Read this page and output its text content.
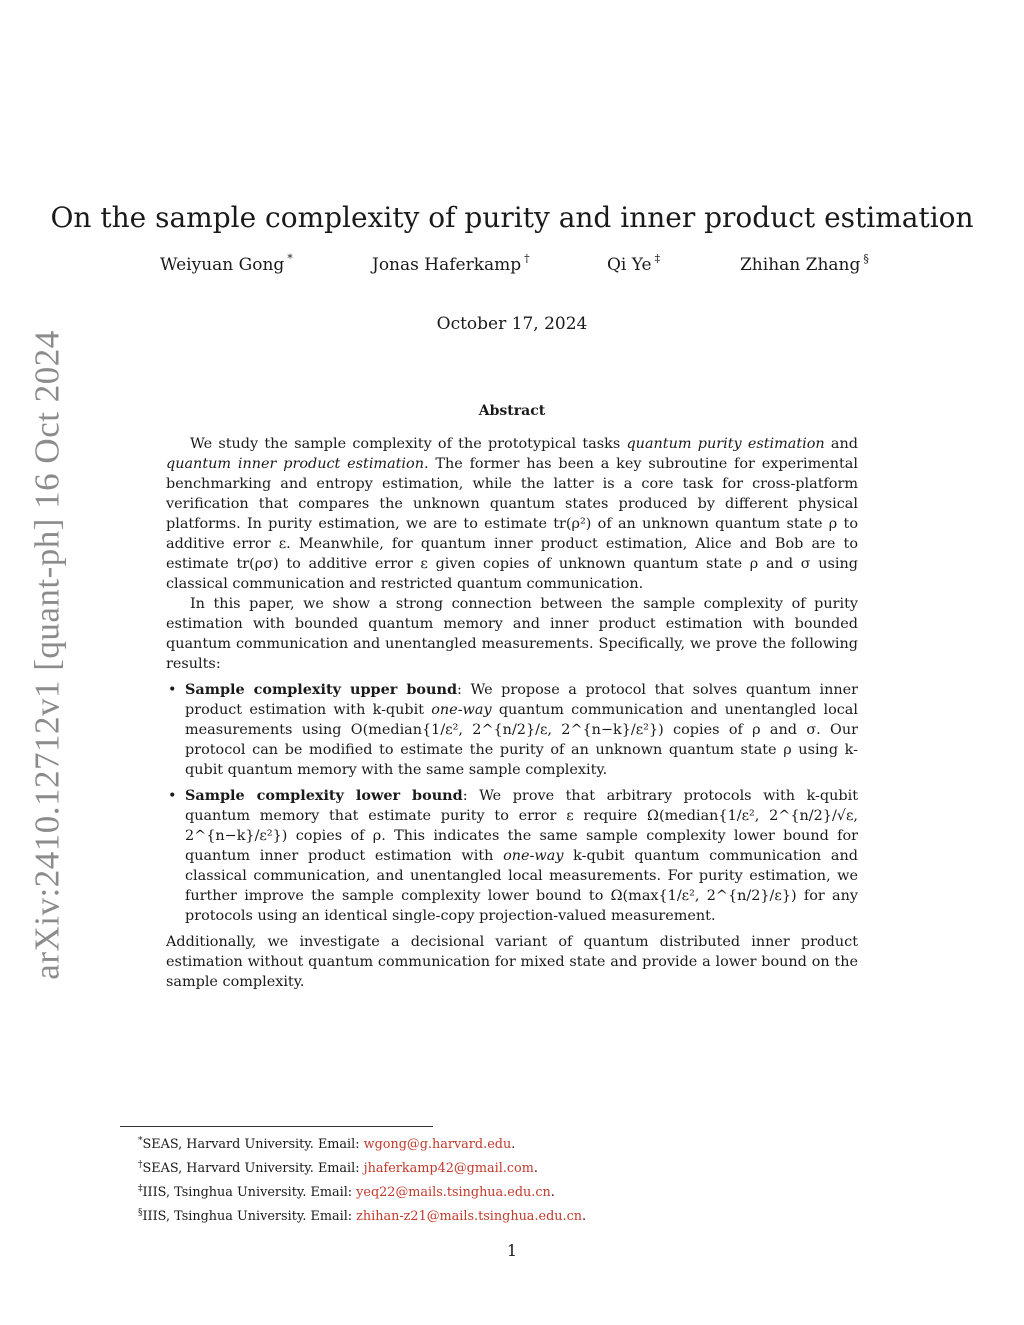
arXiv:2410.12712v1 [quant-ph] 16 Oct 2024
On the sample complexity of purity and inner product estimation
Weiyuan Gong *	Jonas Haferkamp †	Qi Ye ‡	Zhihan Zhang §
October 17, 2024
Abstract

We study the sample complexity of the prototypical tasks quantum purity estimation and quantum inner product estimation. The former has been a key subroutine for experimental benchmarking and entropy estimation, while the latter is a core task for cross-platform verification that compares the unknown quantum states produced by different physical platforms. In purity estimation, we are to estimate tr(ρ²) of an unknown quantum state ρ to additive error ε. Meanwhile, for quantum inner product estimation, Alice and Bob are to estimate tr(ρσ) to additive error ε given copies of unknown quantum state ρ and σ using classical communication and restricted quantum communication.

In this paper, we show a strong connection between the sample complexity of purity estimation with bounded quantum memory and inner product estimation with bounded quantum communication and unentangled measurements. Specifically, we prove the following results:

• Sample complexity upper bound: We propose a protocol that solves quantum inner product estimation with k-qubit one-way quantum communication and unentangled local measurements using O(median{1/ε², 2^{n/2}/ε, 2^{n−k}/ε²}) copies of ρ and σ. Our protocol can be modified to estimate the purity of an unknown quantum state ρ using k-qubit quantum memory with the same sample complexity.
• Sample complexity lower bound: We prove that arbitrary protocols with k-qubit quantum memory that estimate purity to error ε require Ω(median{1/ε², 2^{n/2}/√ε, 2^{n−k}/ε²}) copies of ρ. This indicates the same sample complexity lower bound for quantum inner product estimation with one-way k-qubit quantum communication and classical communication, and unentangled local measurements. For purity estimation, we further improve the sample complexity lower bound to Ω(max{1/ε², 2^{n/2}/ε}) for any protocols using an identical single-copy projection-valued measurement.

Additionally, we investigate a decisional variant of quantum distributed inner product estimation without quantum communication for mixed state and provide a lower bound on the sample complexity.

*SEAS, Harvard University. Email: wgong@g.harvard.edu.
†SEAS, Harvard University. Email: jhaferkamp42@gmail.com.
‡IIIS, Tsinghua University. Email: yeq22@mails.tsinghua.edu.cn.
§IIIS, Tsinghua University. Email: zhihan-z21@mails.tsinghua.edu.cn.
1
